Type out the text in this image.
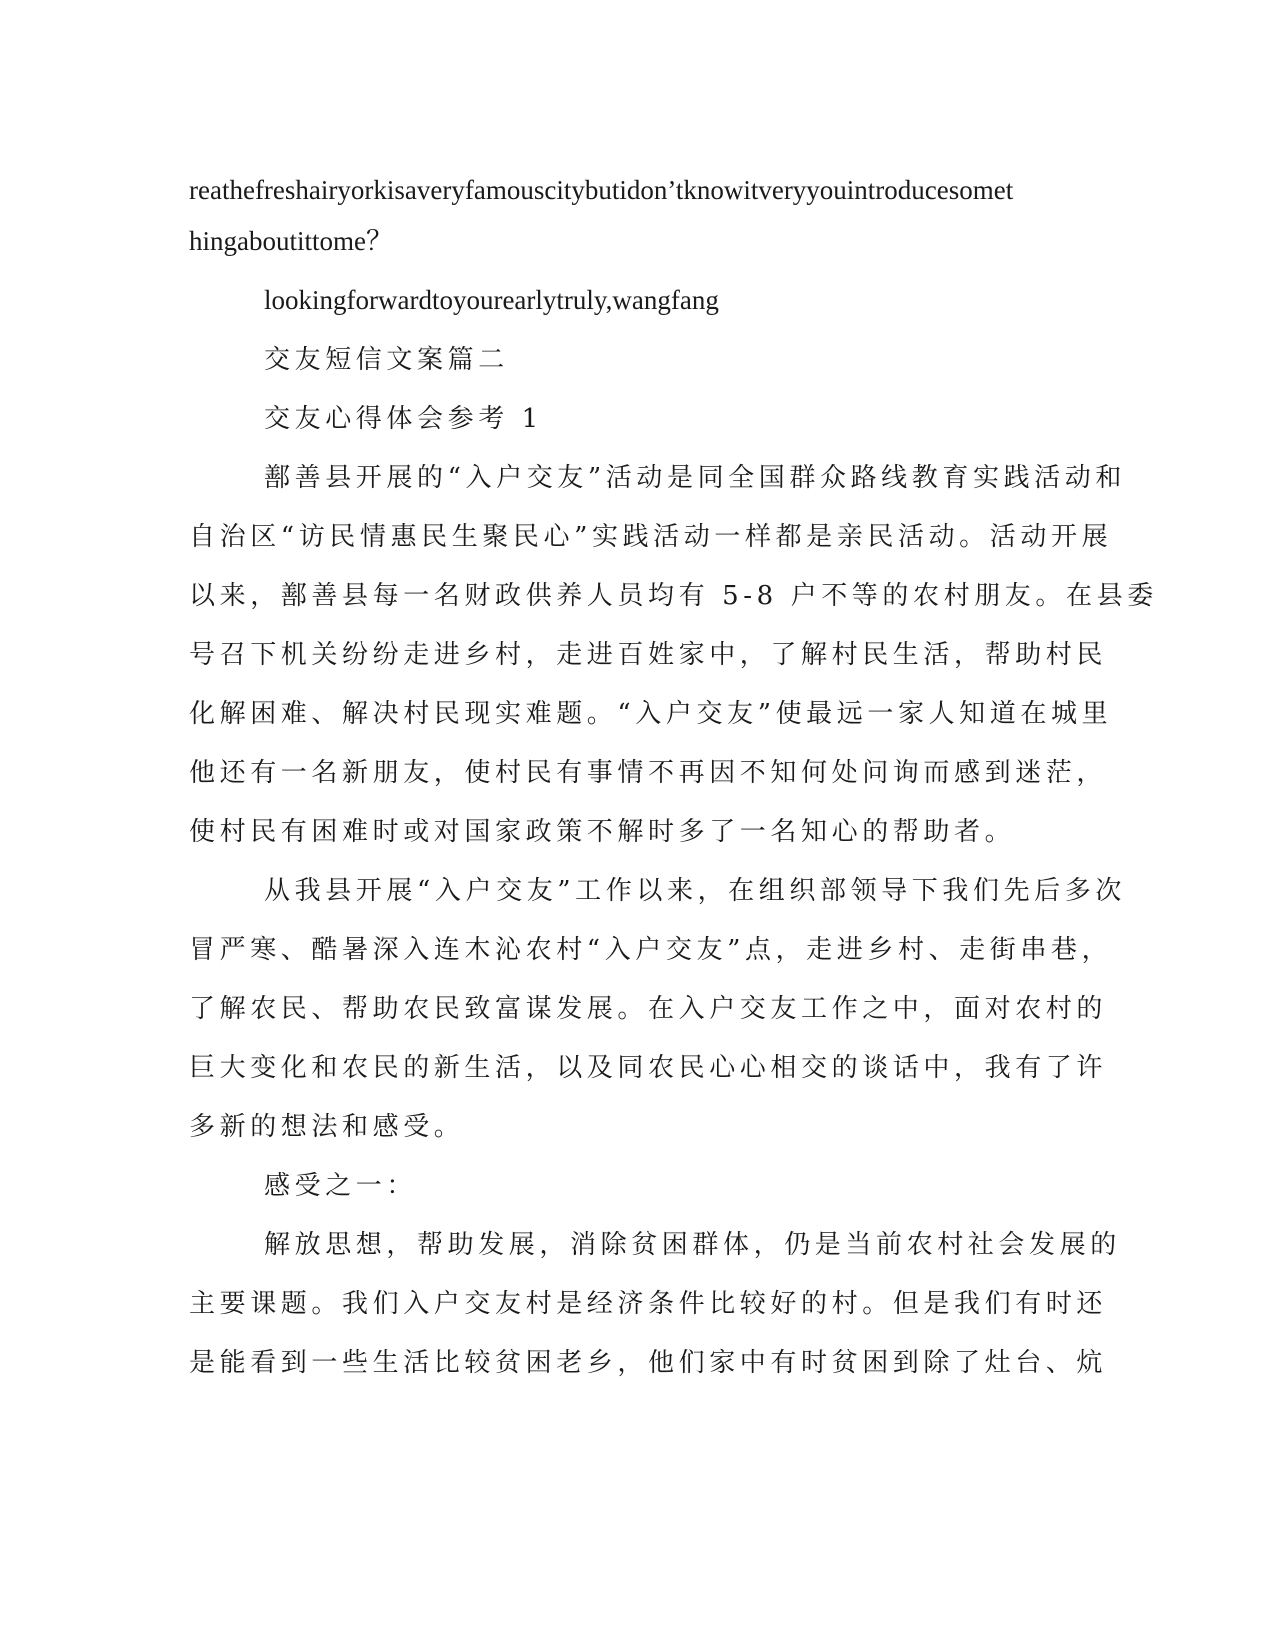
reathefreshairyorkisaveryfamouscitybutidon’tknowitveryyouintroducesomet
hingaboutittome？
lookingforwardtoyourearlytruly,wangfang
交友短信文案篇二
交友心得体会参考 1
鄯善县开展的“入户交友”活动是同全国群众路线教育实践活动和
自治区“访民情惠民生聚民心”实践活动一样都是亲民活动。活动开展
以来，鄯善县每一名财政供养人员均有 5-8 户不等的农村朋友。在县委
号召下机关纷纷走进乡村，走进百姓家中，了解村民生活，帮助村民
化解困难、解决村民现实难题。“入户交友”使最远一家人知道在城里
他还有一名新朋友，使村民有事情不再因不知何处问询而感到迷茫，
使村民有困难时或对国家政策不解时多了一名知心的帮助者。
从我县开展“入户交友”工作以来，在组织部领导下我们先后多次
冒严寒、酷暑深入连木沁农村“入户交友”点，走进乡村、走街串巷，
了解农民、帮助农民致富谋发展。在入户交友工作之中，面对农村的
巨大变化和农民的新生活，以及同农民心心相交的谈话中，我有了许
多新的想法和感受。
感受之一：
解放思想，帮助发展，消除贫困群体，仍是当前农村社会发展的
主要课题。我们入户交友村是经济条件比较好的村。但是我们有时还
是能看到一些生活比较贫困老乡，他们家中有时贫困到除了灶台、炕
